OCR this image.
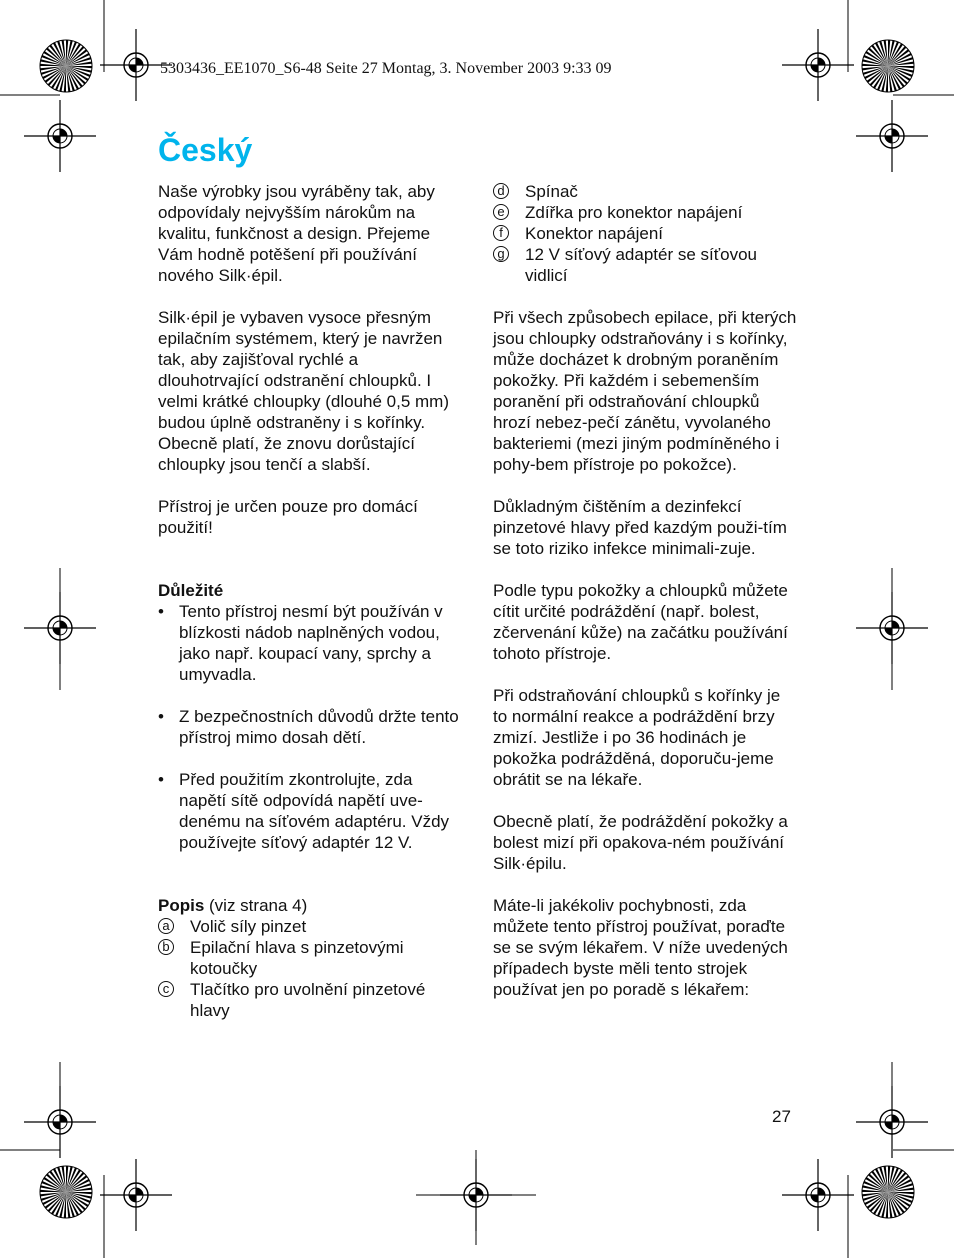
5303436_EE1070_S6-48 Seite 27 Montag, 3. November 2003 9:33 09
Český

Naše výrobky jsou vyráběny tak, aby odpovídaly nejvyšším nárokům na kvalitu, funkčnost a design. Přejeme Vám hodně potěšení při používání nového Silk·épil.

Silk·épil je vybaven vysoce přesným epilačním systémem, který je navržen tak, aby zajišťoval rychlé a dlouhotrvající odstranění chloupků. I velmi krátké chloupky (dlouhé 0,5 mm) budou úplně odstraněny i s kořínky. Obecně platí, že znovu dorůstající chloupky jsou tenčí a slabší.

Přístroj je určen pouze pro domácí použití!

Důležité

• Tento přístroj nesmí být používán v blízkosti nádob naplněných vodou, jako např. koupací vany, sprchy a umyvadla.
• Z bezpečnostních důvodů držte tento přístroj mimo dosah dětí.
• Před použitím zkontrolujte, zda napětí sítě odpovídá napětí uve-denému na síťovém adaptéru. Vždy používejte síťový adaptér 12 V.

Popis (viz strana 4)

a Volič síly pinzet
b Epilační hlava s pinzetovými kotoučky
c Tlačítko pro uvolnění pinzetové hlavy
d Spínač
e Zdířka pro konektor napájení
f	Konektor napájení
g 12 V síťový adaptér se síťovou vidlicí

Při všech způsobech epilace, při kterých jsou chloupky odstraňovány i s kořínky, může docházet k drobným poraněním pokožky. Při každém i sebemenším poranění při odstraňování chloupků hrozí nebez-pečí zánětu, vyvolaného bakteriemi (mezi jiným podmíněného i pohy-bem přístroje po pokožce).

Důkladným čištěním a dezinfekcí pinzetové hlavy před kazdým použi-tím se toto riziko infekce minimali-zuje.

Podle typu pokožky a chloupků můžete cítit určité podráždění (např. bolest, zčervenání kůže) na začátku používání tohoto přístroje.

Při odstraňování chloupků s kořínky je to normální reakce a podráždění brzy zmizí. Jestliže i po 36 hodinách je pokožka podrážděná, doporuču-jeme obrátit se na lékaře.

Obecně platí, že podráždění pokožky a bolest mizí při opakova-ném používání Silk·épilu.

Máte-li jakékoliv pochybnosti, zda můžete tento přístroj používat, poraďte se se svým lékařem. V níže uvedených případech byste měli tento strojek používat jen po poradě s lékařem:

27
